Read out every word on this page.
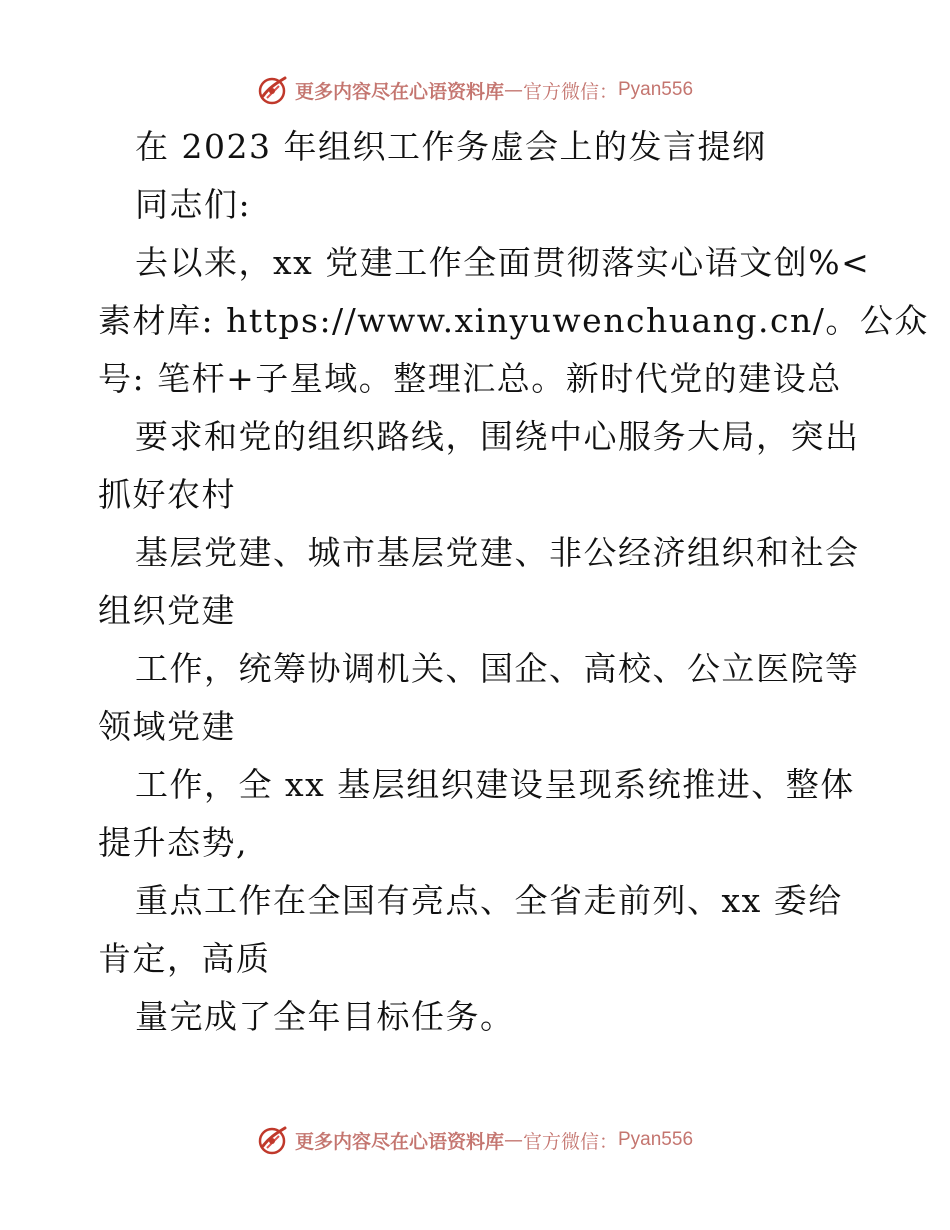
更多内容尽在心语资料库 — 官方微信： Pyan556
在 2023 年组织工作务虚会上的发言提纲
同志们:
去以来，xx 党建工作全面贯彻落实心语文创%<
素材库: https://www.xinyuwenchuang.cn/。公众
号: 笔杆+子星域。整理汇总。新时代党的建设总
要求和党的组织路线，围绕中心服务大局，突出
抓好农村
基层党建、城市基层党建、非公经济组织和社会
组织党建
工作，统筹协调机关、国企、高校、公立医院等
领域党建
工作，全 xx 基层组织建设呈现系统推进、整体
提升态势,
重点工作在全国有亮点、全省走前列、xx 委给
肯定，高质
量完成了全年目标任务。
更多内容尽在心语资料库 — 官方微信： Pyan556
